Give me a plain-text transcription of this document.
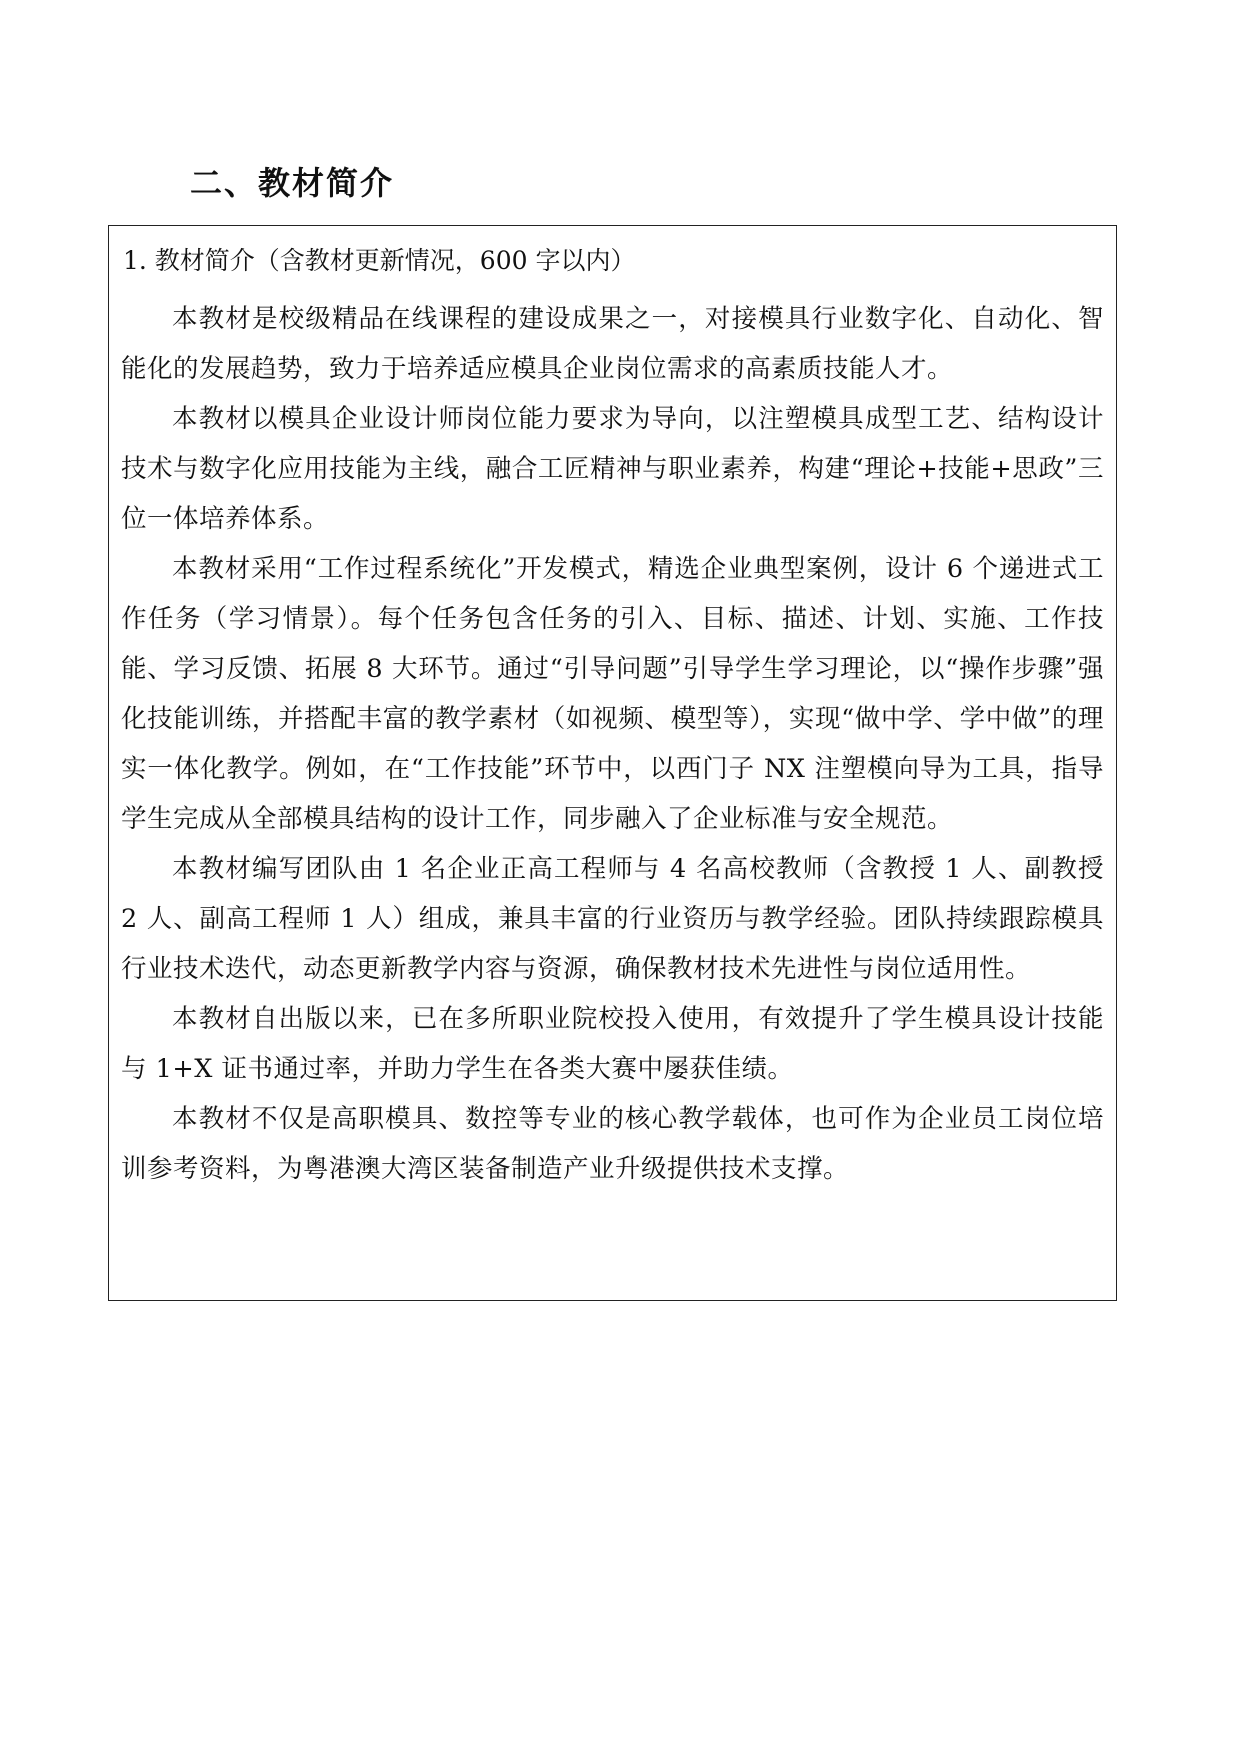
二、教材简介

1. 教材简介（含教材更新情况，600 字以内）

本教材是校级精品在线课程的建设成果之一，对接模具行业数字化、自动化、智能化的发展趋势，致力于培养适应模具企业岗位需求的高素质技能人才。

本教材以模具企业设计师岗位能力要求为导向，以注塑模具成型工艺、结构设计技术与数字化应用技能为主线，融合工匠精神与职业素养，构建“理论+技能+思政”三位一体培养体系。

本教材采用“工作过程系统化”开发模式，精选企业典型案例，设计 6 个递进式工作任务（学习情景）。每个任务包含任务的引入、目标、描述、计划、实施、工作技能、学习反馈、拓展 8 大环节。通过“引导问题”引导学生学习理论，以“操作步骤”强化技能训练，并搭配丰富的教学素材（如视频、模型等），实现“做中学、学中做”的理实一体化教学。例如，在“工作技能”环节中，以西门子 NX 注塑模向导为工具，指导学生完成从全部模具结构的设计工作，同步融入了企业标准与安全规范。

本教材编写团队由 1 名企业正高工程师与 4 名高校教师（含教授 1 人、副教授 2 人、副高工程师 1 人）组成，兼具丰富的行业资历与教学经验。团队持续跟踪模具行业技术迭代，动态更新教学内容与资源，确保教材技术先进性与岗位适用性。

本教材自出版以来，已在多所职业院校投入使用，有效提升了学生模具设计技能与 1+X 证书通过率，并助力学生在各类大赛中屡获佳绩。

本教材不仅是高职模具、数控等专业的核心教学载体，也可作为企业员工岗位培训参考资料，为粤港澳大湾区装备制造产业升级提供技术支撑。
